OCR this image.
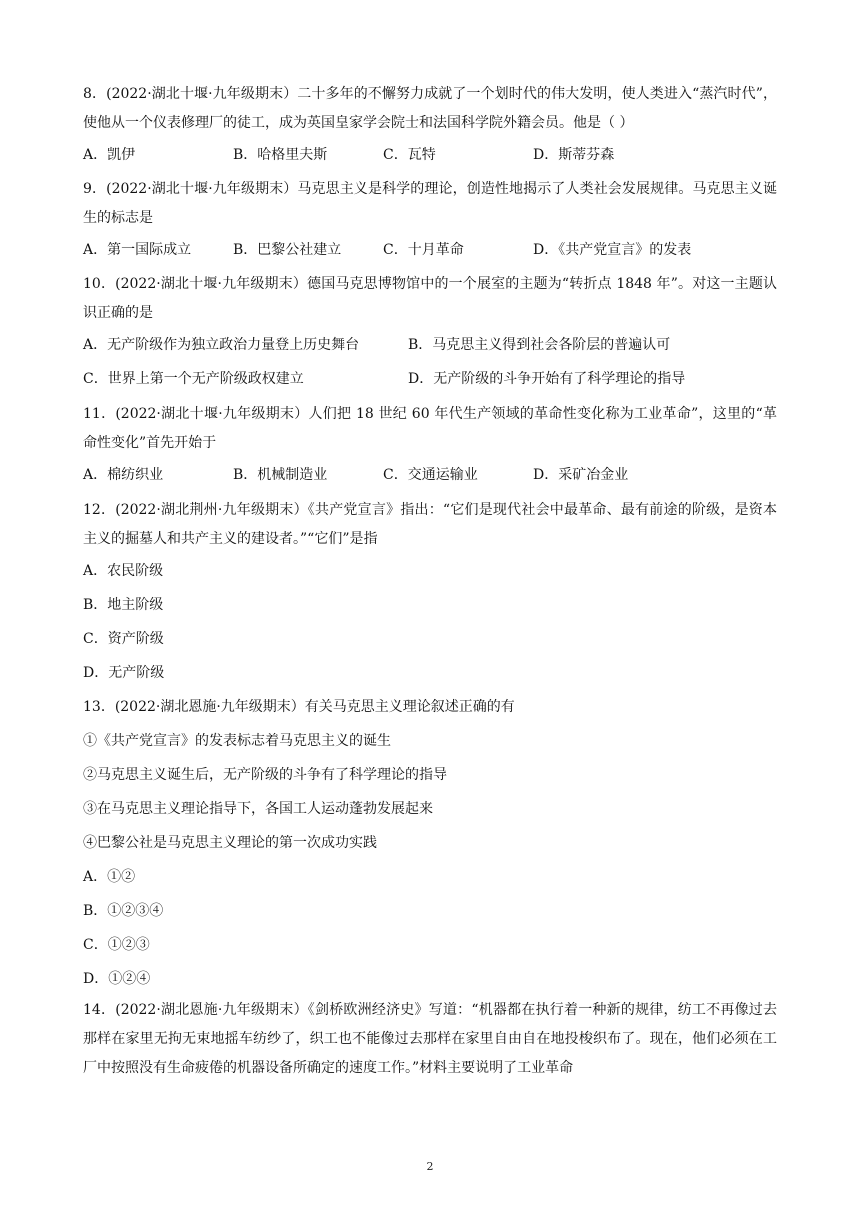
8．(2022·湖北十堰·九年级期末）二十多年的不懈努力成就了一个划时代的伟大发明，使人类进入“蒸汽时代”，使他从一个仪表修理厂的徒工，成为英国皇家学会院士和法国科学院外籍会员。他是（ ）

A．凯伊	B．哈格里夫斯	C．瓦特	D．斯蒂芬森

9．(2022·湖北十堰·九年级期末）马克思主义是科学的理论，创造性地揭示了人类社会发展规律。马克思主义诞生的标志是

A．第一国际成立	B．巴黎公社建立	C．十月革命	D．《共产党宣言》的发表

10．(2022·湖北十堰·九年级期末）德国马克思博物馆中的一个展室的主题为“转折点 1848 年”。对这一主题认识正确的是

A．无产阶级作为独立政治力量登上历史舞台	B．马克思主义得到社会各阶层的普遍认可
C．世界上第一个无产阶级政权建立	D．无产阶级的斗争开始有了科学理论的指导

11．(2022·湖北十堰·九年级期末）人们把 18 世纪 60 年代生产领域的革命性变化称为工业革命”，这里的“革命性变化”首先开始于

A．棉纺织业	B．机械制造业	C．交通运输业	D．采矿冶金业

12．(2022·湖北荆州·九年级期末）《共产党宣言》指出：“它们是现代社会中最革命、最有前途的阶级，是资本主义的掘墓人和共产主义的建设者。”“它们”是指

A．农民阶级
B．地主阶级
C．资产阶级
D．无产阶级
13．(2022·湖北恩施·九年级期末）有关马克思主义理论叙述正确的有
①《共产党宣言》的发表标志着马克思主义的诞生
②马克思主义诞生后，无产阶级的斗争有了科学理论的指导
③在马克思主义理论指导下，各国工人运动蓬勃发展起来
④巴黎公社是马克思主义理论的第一次成功实践
A．①②
B．①②③④
C．①②③
D．①②④

14．(2022·湖北恩施·九年级期末）《剑桥欧洲经济史》写道：“机器都在执行着一种新的规律，纺工不再像过去那样在家里无拘无束地摇车纺纱了，织工也不能像过去那样在家里自由自在地投梭织布了。现在，他们必须在工厂中按照没有生命疲倦的机器设备所确定的速度工作。”材料主要说明了工业革命

2
